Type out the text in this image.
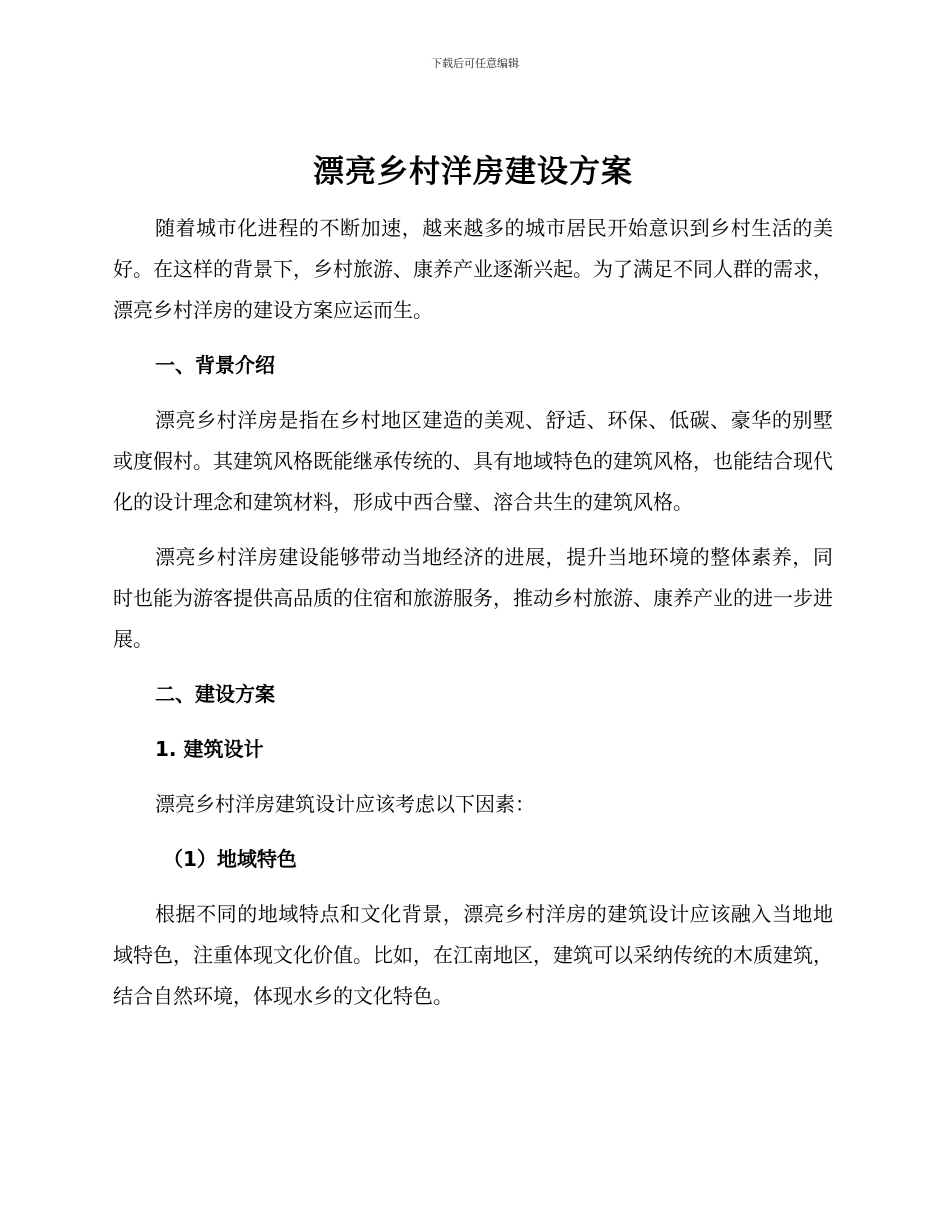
下载后可任意编辑
漂亮乡村洋房建设方案

随着城市化进程的不断加速，越来越多的城市居民开始意识到乡村生活的美好。在这样的背景下，乡村旅游、康养产业逐渐兴起。为了满足不同人群的需求，漂亮乡村洋房的建设方案应运而生。

一、背景介绍

漂亮乡村洋房是指在乡村地区建造的美观、舒适、环保、低碳、豪华的别墅或度假村。其建筑风格既能继承传统的、具有地域特色的建筑风格，也能结合现代化的设计理念和建筑材料，形成中西合璧、溶合共生的建筑风格。

漂亮乡村洋房建设能够带动当地经济的进展，提升当地环境的整体素养，同时也能为游客提供高品质的住宿和旅游服务，推动乡村旅游、康养产业的进一步进展。

二、建设方案
1. 建筑设计

漂亮乡村洋房建筑设计应该考虑以下因素：

（1）地域特色

根据不同的地域特点和文化背景，漂亮乡村洋房的建筑设计应该融入当地地域特色，注重体现文化价值。比如，在江南地区，建筑可以采纳传统的木质建筑，结合自然环境，体现水乡的文化特色。
